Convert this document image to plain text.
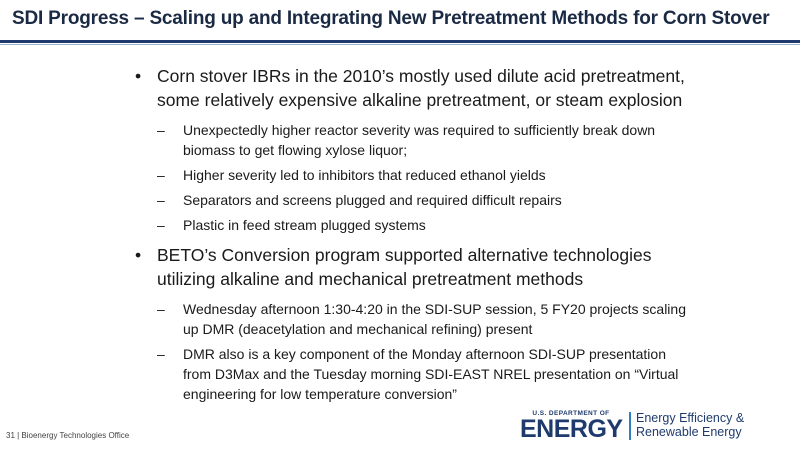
SDI Progress – Scaling up and Integrating New Pretreatment Methods for Corn Stover
• Corn stover IBRs in the 2010’s mostly used dilute acid pretreatment, some relatively expensive alkaline pretreatment, or steam explosion
– Unexpectedly higher reactor severity was required to sufficiently break down biomass to get flowing xylose liquor;
– Higher severity led to inhibitors that reduced ethanol yields
– Separators and screens plugged and required difficult repairs
– Plastic in feed stream plugged systems
• BETO’s Conversion program supported alternative technologies utilizing alkaline and mechanical pretreatment methods
– Wednesday afternoon 1:30-4:20 in the SDI-SUP session, 5 FY20 projects scaling up DMR (deacetylation and mechanical refining) present
– DMR also is a key component of the Monday afternoon SDI-SUP presentation from D3Max and the Tuesday morning SDI-EAST NREL presentation on “Virtual engineering for low temperature conversion”
31 | Bioenergy Technologies Office
U.S. DEPARTMENT OF
ENERGY Energy Efficiency &
Renewable Energy
